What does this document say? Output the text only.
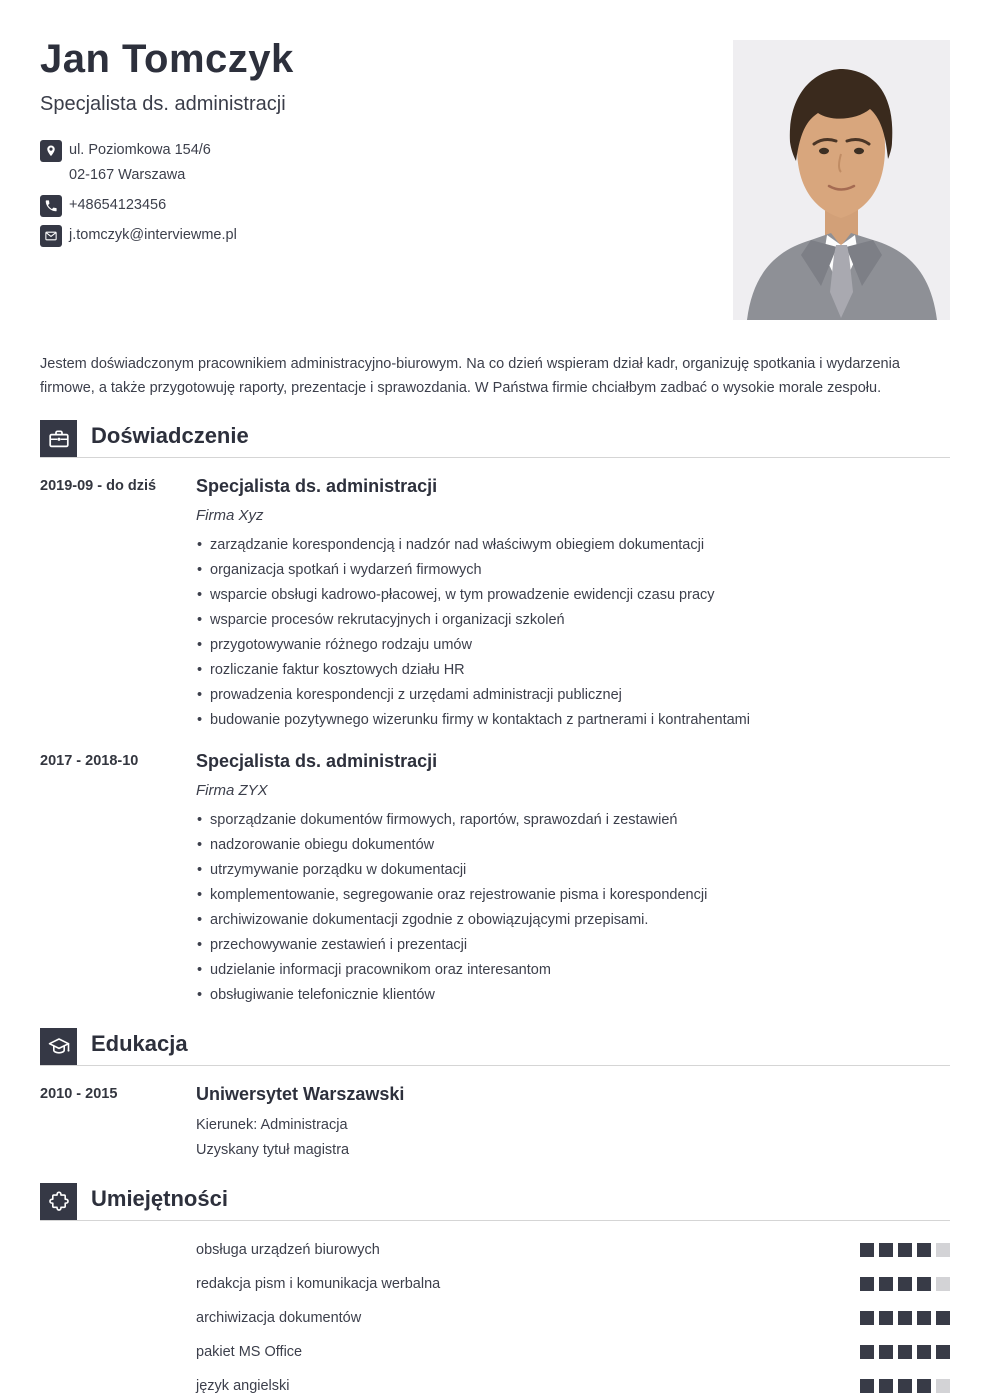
Jan Tomczyk
Specjalista ds. administracji
ul. Poziomkowa 154/6
02-167 Warszawa
+48654123456
j.tomczyk@interviewme.pl

Jestem doświadczonym pracownikiem administracyjno-biurowym. Na co dzień wspieram dział kadr, organizuję spotkania i wydarzenia firmowe, a także przygotowuję raporty, prezentacje i sprawozdania. W Państwa firmie chciałbym zadbać o wysokie morale zespołu.

Doświadczenie
2019-09 - do dziś	Specjalista ds. administracji
Firma Xyz
• zarządzanie korespondencją i nadzór nad właściwym obiegiem dokumentacji
• organizacja spotkań i wydarzeń firmowych
• wsparcie obsługi kadrowo-płacowej, w tym prowadzenie ewidencji czasu pracy
• wsparcie procesów rekrutacyjnych i organizacji szkoleń
• przygotowywanie różnego rodzaju umów
• rozliczanie faktur kosztowych działu HR
• prowadzenia korespondencji z urzędami administracji publicznej
• budowanie pozytywnego wizerunku firmy w kontaktach z partnerami i kontrahentami
2017 - 2018-10	Specjalista ds. administracji
Firma ZYX
• sporządzanie dokumentów firmowych, raportów, sprawozdań i zestawień
• nadzorowanie obiegu dokumentów
• utrzymywanie porządku w dokumentacji
• komplementowanie, segregowanie oraz rejestrowanie pisma i korespondencji
• archiwizowanie dokumentacji zgodnie z obowiązującymi przepisami.
• przechowywanie zestawień i prezentacji
• udzielanie informacji pracownikom oraz interesantom
• obsługiwanie telefonicznie klientów
Edukacja
2010 - 2015	Uniwersytet Warszawski
Kierunek: Administracja
Uzyskany tytuł magistra
Umiejętności
obsługa urządzeń biurowych
redakcja pism i komunikacja werbalna
archiwizacja dokumentów
pakiet MS Office
język angielski
